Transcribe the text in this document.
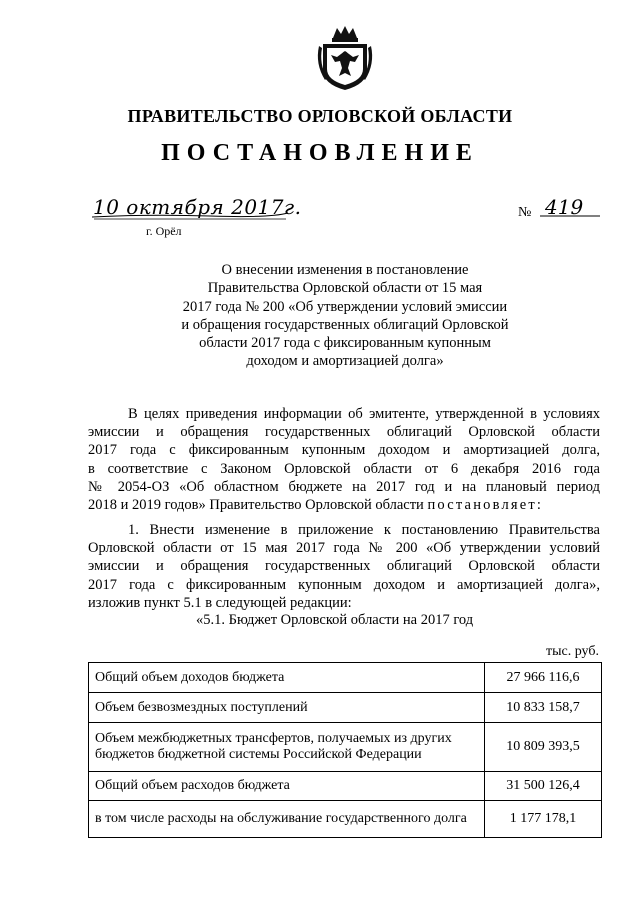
ПРАВИТЕЛЬСТВО ОРЛОВСКОЙ ОБЛАСТИ
ПОСТАНОВЛЕНИЕ
10 октября 2017г.
г. Орёл
№ 419
О внесении изменения в постановление
Правительства Орловской области от 15 мая
2017 года № 200 «Об утверждении условий эмиссии
и обращения государственных облигаций Орловской
области 2017 года с фиксированным купонным
доходом и амортизацией долга»
В целях приведения информации об эмитенте, утвержденной в условиях
эмиссии и обращения государственных облигаций Орловской области
2017 года с фиксированным купонным доходом и амортизацией долга,
в соответствие с Законом Орловской области от 6 декабря 2016 года
№ 2054-ОЗ «Об областном бюджете на 2017 год и на плановый период
2018 и 2019 годов» Правительство Орловской области постановляет:
1. Внести изменение в приложение к постановлению Правительства
Орловской области от 15 мая 2017 года № 200 «Об утверждении условий
эмиссии и обращения государственных облигаций Орловской области
2017 года с фиксированным купонным доходом и амортизацией долга»,
изложив пункт 5.1 в следующей редакции:
«5.1. Бюджет Орловской области на 2017 год
тыс. руб.
Общий объем доходов бюджета	27 966 116,6
Объем безвозмездных поступлений	10 833 158,7
Объем межбюджетных трансфертов, получаемых из других бюджетов бюджетной системы Российской Федерации	10 809 393,5
Общий объем расходов бюджета	31 500 126,4
в том числе расходы на обслуживание государственного долга	1 177 178,1
